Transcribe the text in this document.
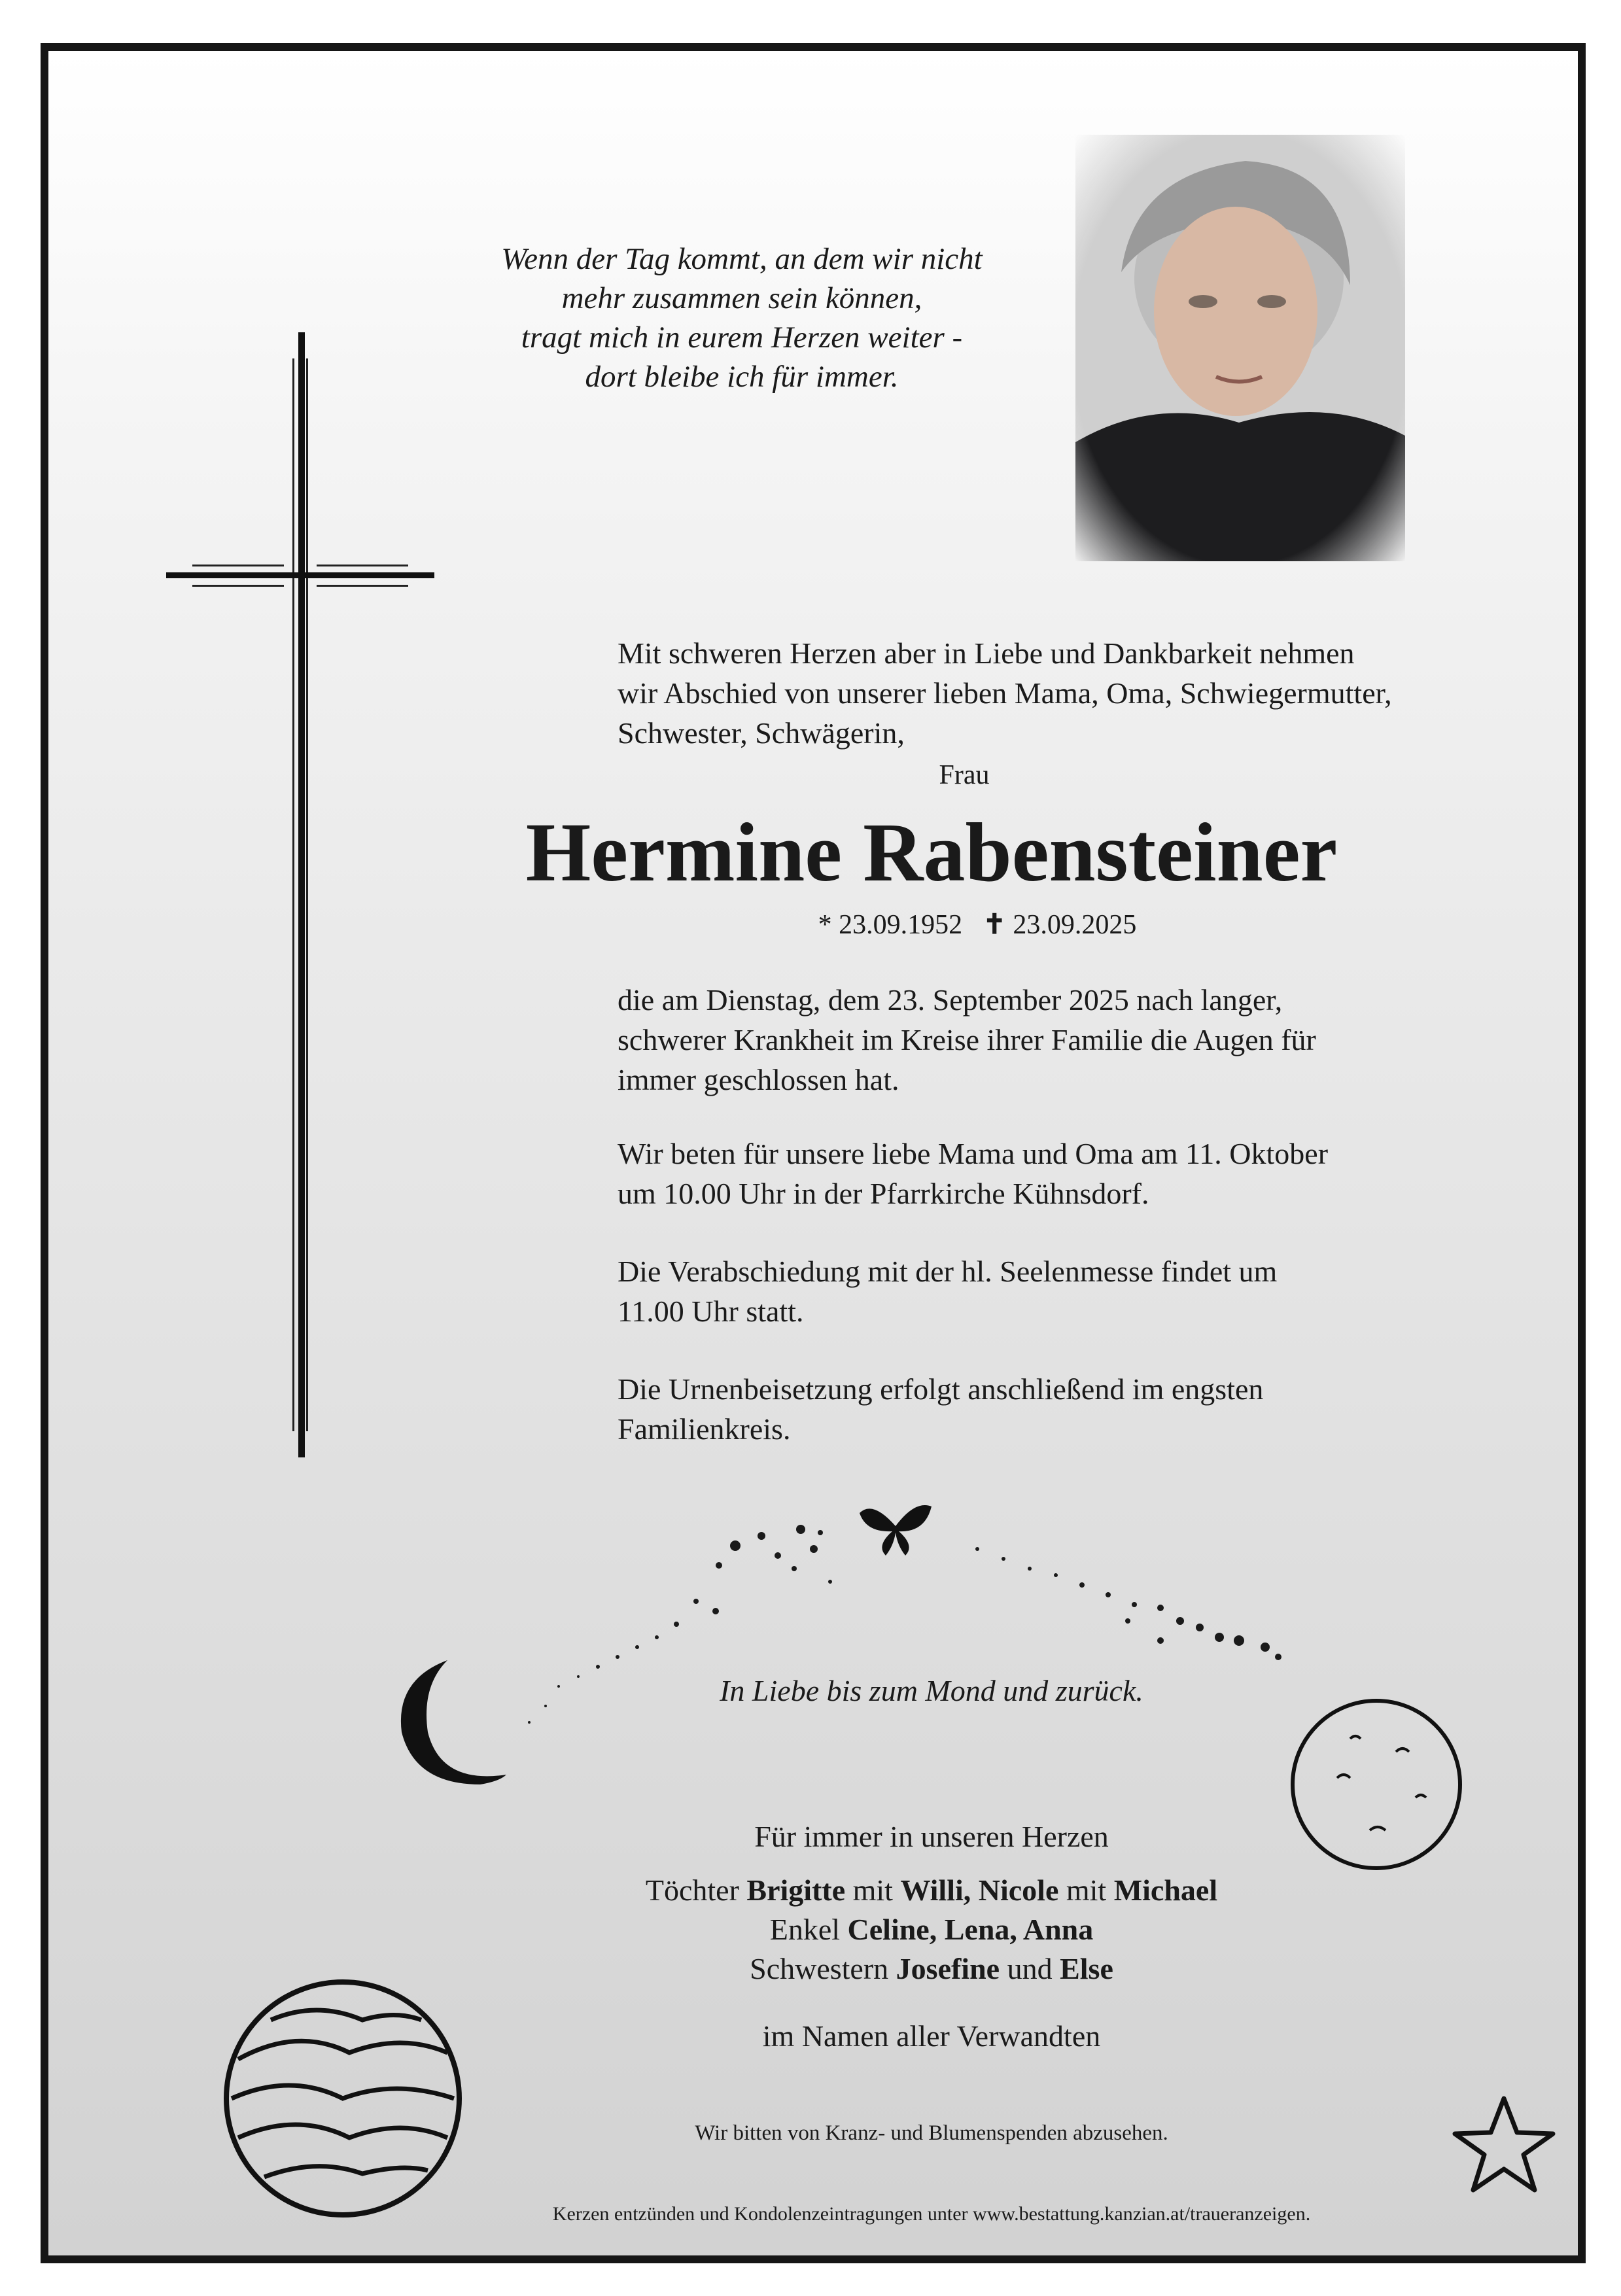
Wenn der Tag kommt, an dem wir nicht
mehr zusammen sein können,
tragt mich in eurem Herzen weiter -
dort bleibe ich für immer.
Mit schweren Herzen aber in Liebe und Dankbarkeit nehmen
wir Abschied von unserer lieben Mama, Oma, Schwiegermutter,
Schwester, Schwägerin,
Frau
Hermine Rabensteiner
* 23.09.1952 ✝ 23.09.2025
die am Dienstag, dem 23. September 2025 nach langer,
schwerer Krankheit im Kreise ihrer Familie die Augen für
immer geschlossen hat.
Wir beten für unsere liebe Mama und Oma am 11. Oktober
um 10.00 Uhr in der Pfarrkirche Kühnsdorf.
Die Verabschiedung mit der hl. Seelenmesse findet um
11.00 Uhr statt.
Die Urnenbeisetzung erfolgt anschließend im engsten
Familienkreis.
In Liebe bis zum Mond und zurück.
Für immer in unseren Herzen
Töchter Brigitte mit Willi, Nicole mit Michael
Enkel Celine, Lena, Anna
Schwestern Josefine und Else
im Namen aller Verwandten
Wir bitten von Kranz- und Blumenspenden abzusehen.
Kerzen entzünden und Kondolenzeintragungen unter www.bestattung.kanzian.at/traueranzeigen.
